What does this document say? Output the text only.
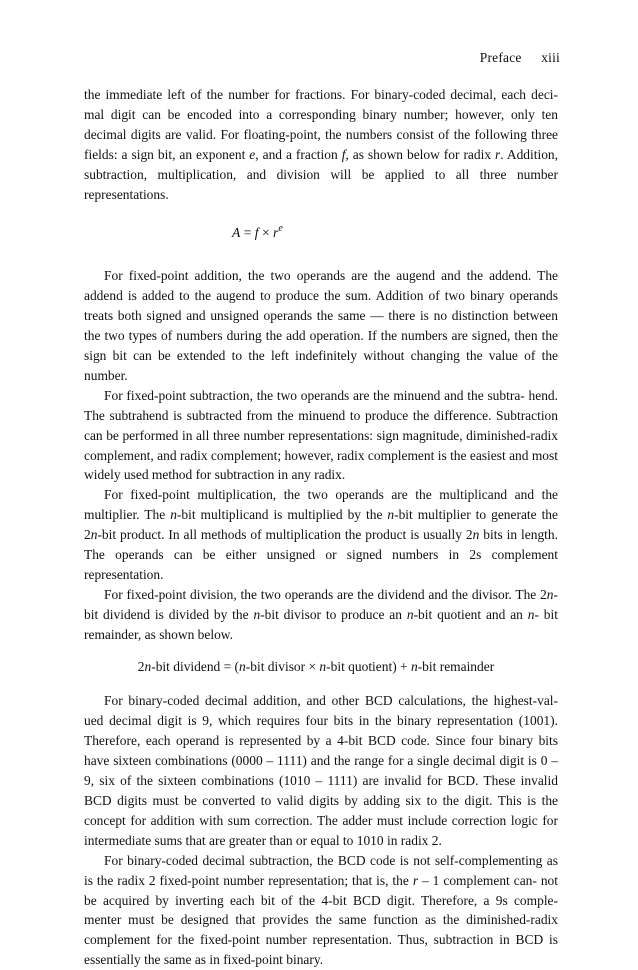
Preface xiii

the immediate left of the number for fractions. For binary-coded decimal, each deci- mal digit can be encoded into a corresponding binary number; however, only ten decimal digits are valid. For floating-point, the numbers consist of the following three fields: a sign bit, an exponent e, and a fraction f, as shown below for radix r. Addition, subtraction, multiplication, and division will be applied to all three number representations.

$A = f \times r^e$

For fixed-point addition, the two operands are the augend and the addend. The addend is added to the augend to produce the sum. Addition of two binary operands treats both signed and unsigned operands the same — there is no distinction between the two types of numbers during the add operation. If the numbers are signed, then the sign bit can be extended to the left indefinitely without changing the value of the number.

For fixed-point subtraction, the two operands are the minuend and the subtra- hend. The subtrahend is subtracted from the minuend to produce the difference. Subtraction can be performed in all three number representations: sign magnitude, diminished-radix complement, and radix complement; however, radix complement is the easiest and most widely used method for subtraction in any radix.

For fixed-point multiplication, the two operands are the multiplicand and the multiplier. The n-bit multiplicand is multiplied by the n-bit multiplier to generate the 2n-bit product. In all methods of multiplication the product is usually 2n bits in length. The operands can be either unsigned or signed numbers in 2s complement representation.

For fixed-point division, the two operands are the dividend and the divisor. The 2n-bit dividend is divided by the n-bit divisor to produce an n-bit quotient and an n- bit remainder, as shown below.

2n-bit dividend = (n-bit divisor × n-bit quotient) + n-bit remainder

For binary-coded decimal addition, and other BCD calculations, the highest-val- ued decimal digit is 9, which requires four bits in the binary representation (1001). Therefore, each operand is represented by a 4-bit BCD code. Since four binary bits have sixteen combinations (0000 – 1111) and the range for a single decimal digit is 0 – 9, six of the sixteen combinations (1010 – 1111) are invalid for BCD. These invalid BCD digits must be converted to valid digits by adding six to the digit. This is the concept for addition with sum correction. The adder must include correction logic for intermediate sums that are greater than or equal to 1010 in radix 2.

For binary-coded decimal subtraction, the BCD code is not self-complementing as is the radix 2 fixed-point number representation; that is, the r – 1 complement can- not be acquired by inverting each bit of the 4-bit BCD digit. Therefore, a 9s comple- menter must be designed that provides the same function as the diminished-radix complement for the fixed-point number representation. Thus, subtraction in BCD is essentially the same as in fixed-point binary.
